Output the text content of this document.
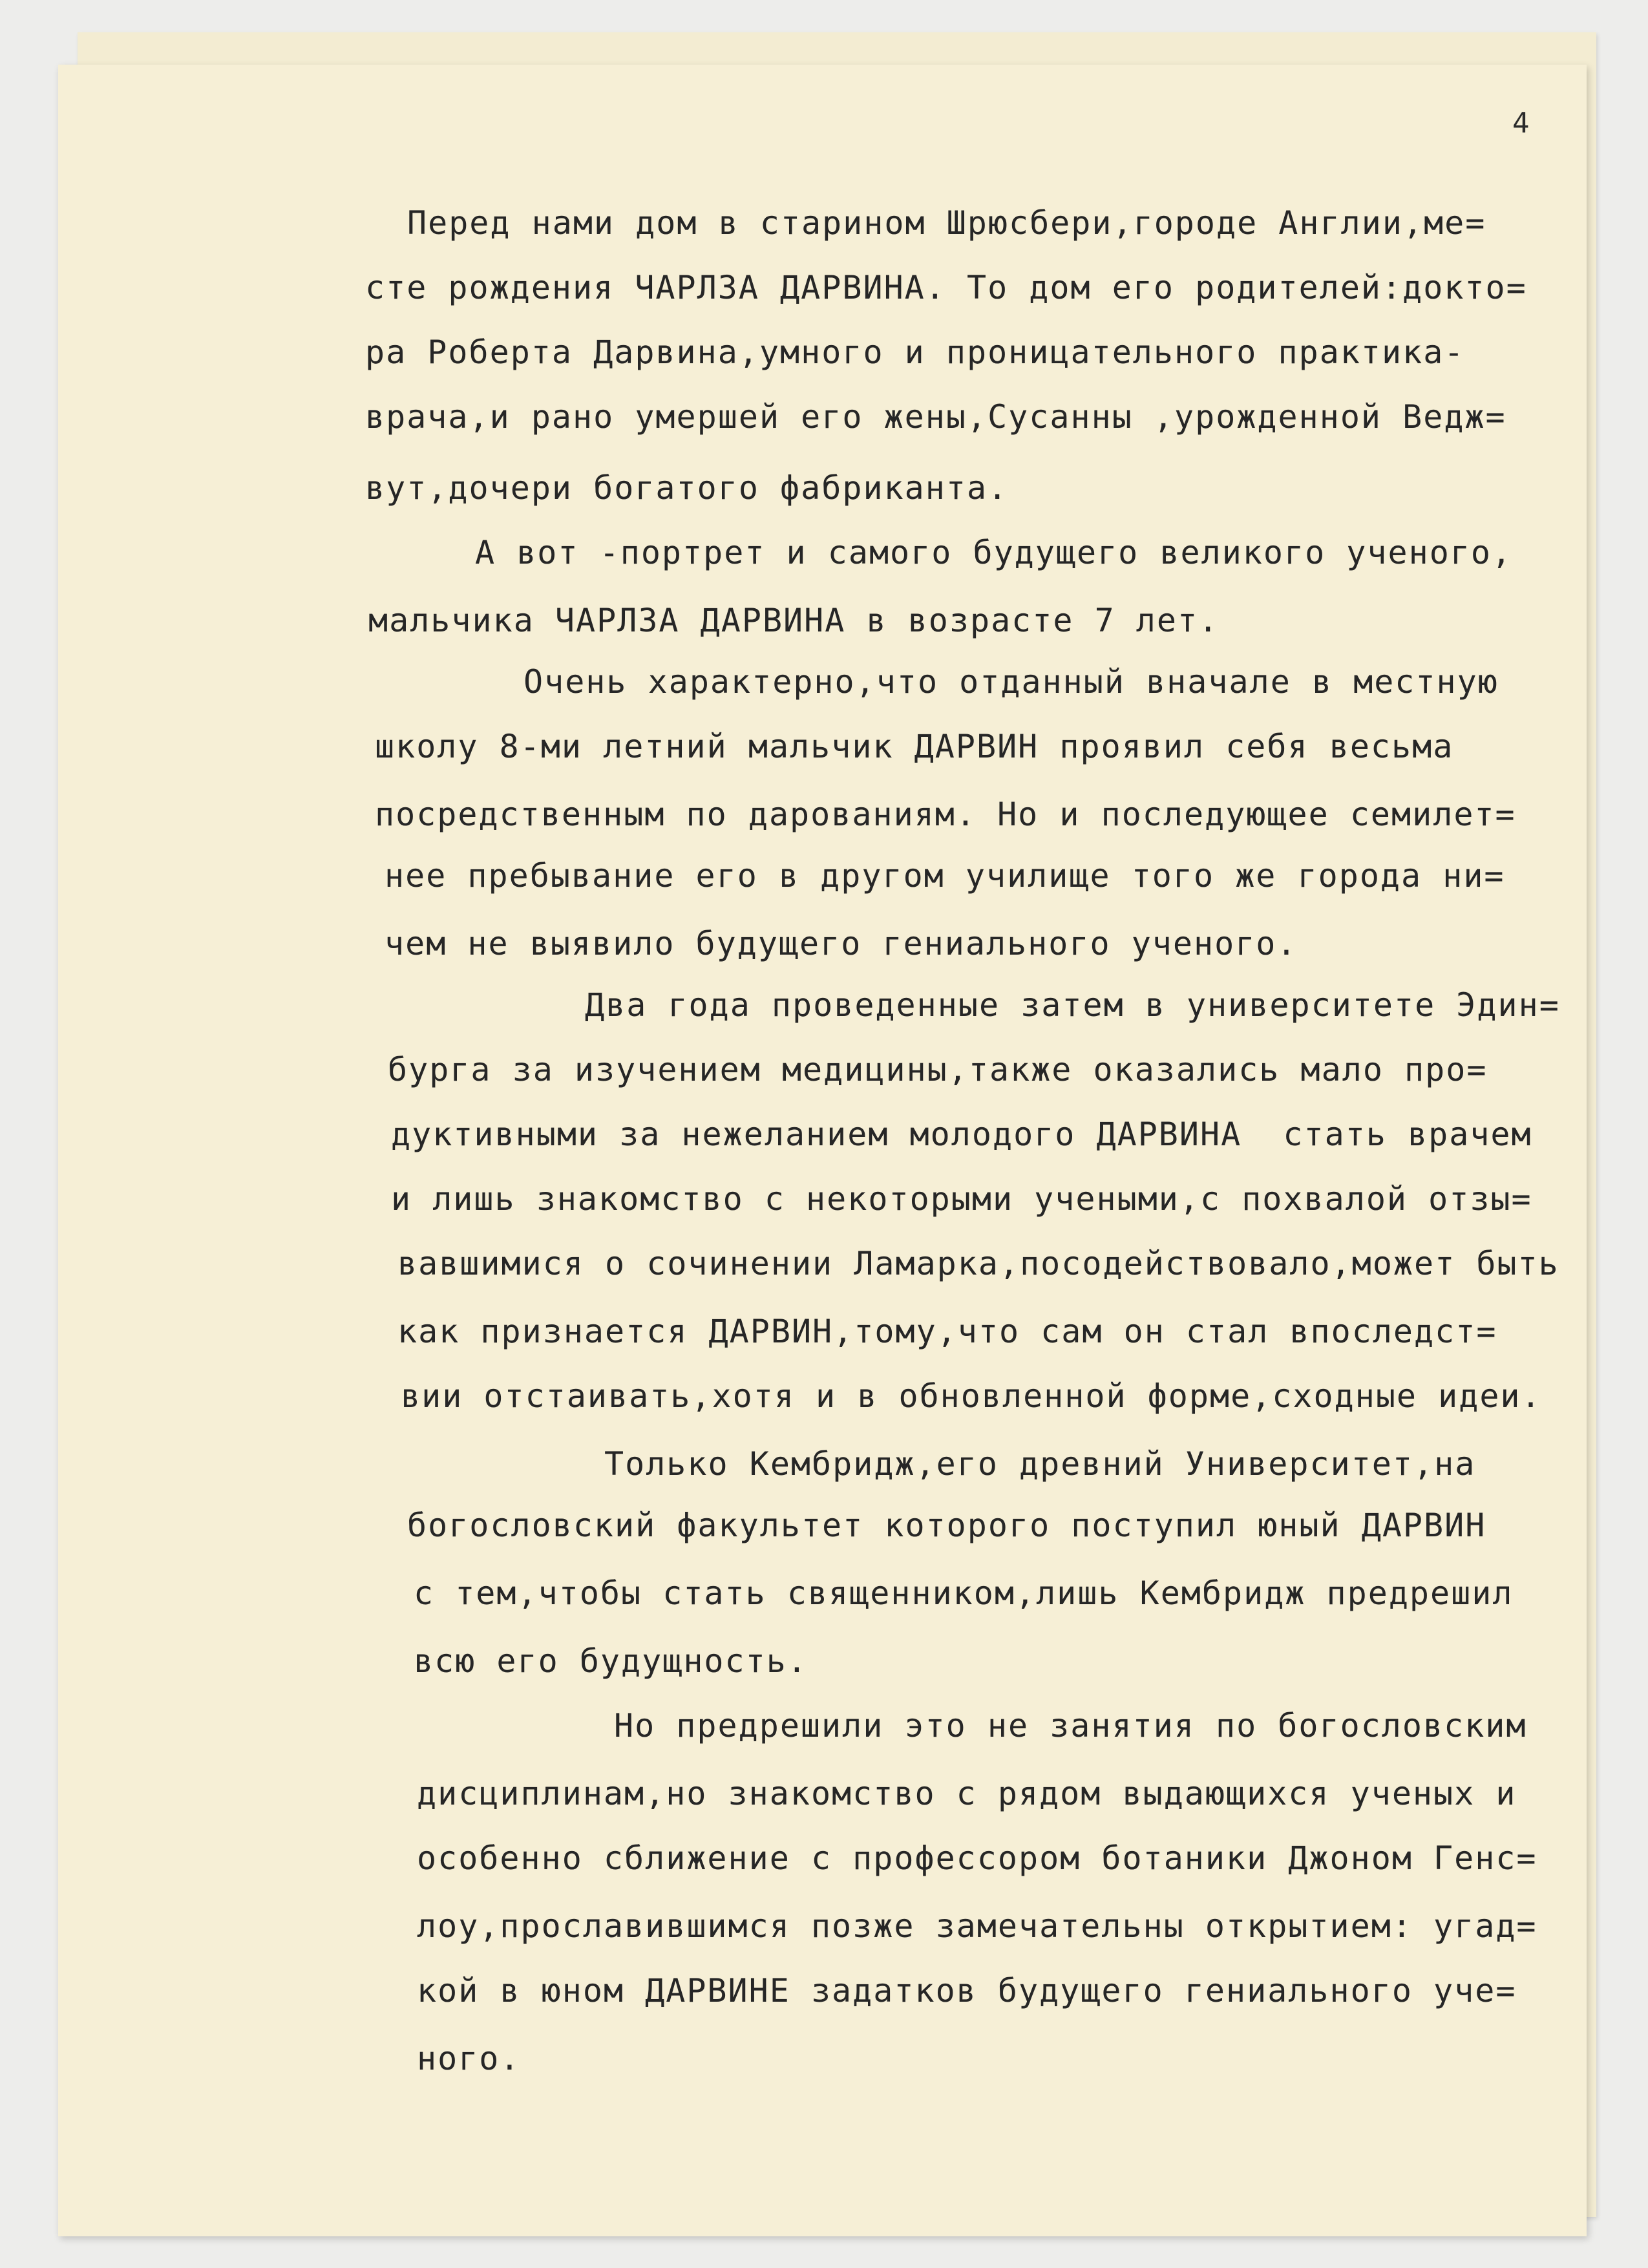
4
Перед нами дом в старином Шрюсбери,городе Англии,ме=
сте рождения ЧАРЛЗА ДАРВИНА. То дом его родителей:докто=
ра Роберта Дарвина,умного и проницательного практика-
врача,и рано умершей его жены,Сусанны ,урожденной Ведж=
вут,дочери богатого фабриканта.
А вот -портрет и самого будущего великого ученого,
мальчика ЧАРЛЗА ДАРВИНА в возрасте 7 лет.
Очень характерно,что отданный вначале в местную
школу 8-ми летний мальчик ДАРВИН проявил себя весьма
посредственным по дарованиям. Но и последующее семилет=
нее пребывание его в другом училище того же города ни=
чем не выявило будущего гениального ученого.
Два года проведенные затем в университете Эдин=
бурга за изучением медицины,также оказались мало про=
дуктивными за нежеланием молодого ДАРВИНА  стать врачем
и лишь знакомство с некоторыми учеными,с похвалой отзы=
вавшимися о сочинении Ламарка,посодействовало,может быть
как признается ДАРВИН,тому,что сам он стал впоследст=
вии отстаивать,хотя и в обновленной форме,сходные идеи.
Только Кембридж,его древний Университет,на
богословский факультет которого поступил юный ДАРВИН
с тем,чтобы стать священником,лишь Кембридж предрешил
всю его будущность.
Но предрешили это не занятия по богословским
дисциплинам,но знакомство с рядом выдающихся ученых и
особенно сближение с профессором ботаники Джоном Генс=
лоу,прославившимся позже замечательны открытием: угад=
кой в юном ДАРВИНЕ задатков будущего гениального уче=
ного.
